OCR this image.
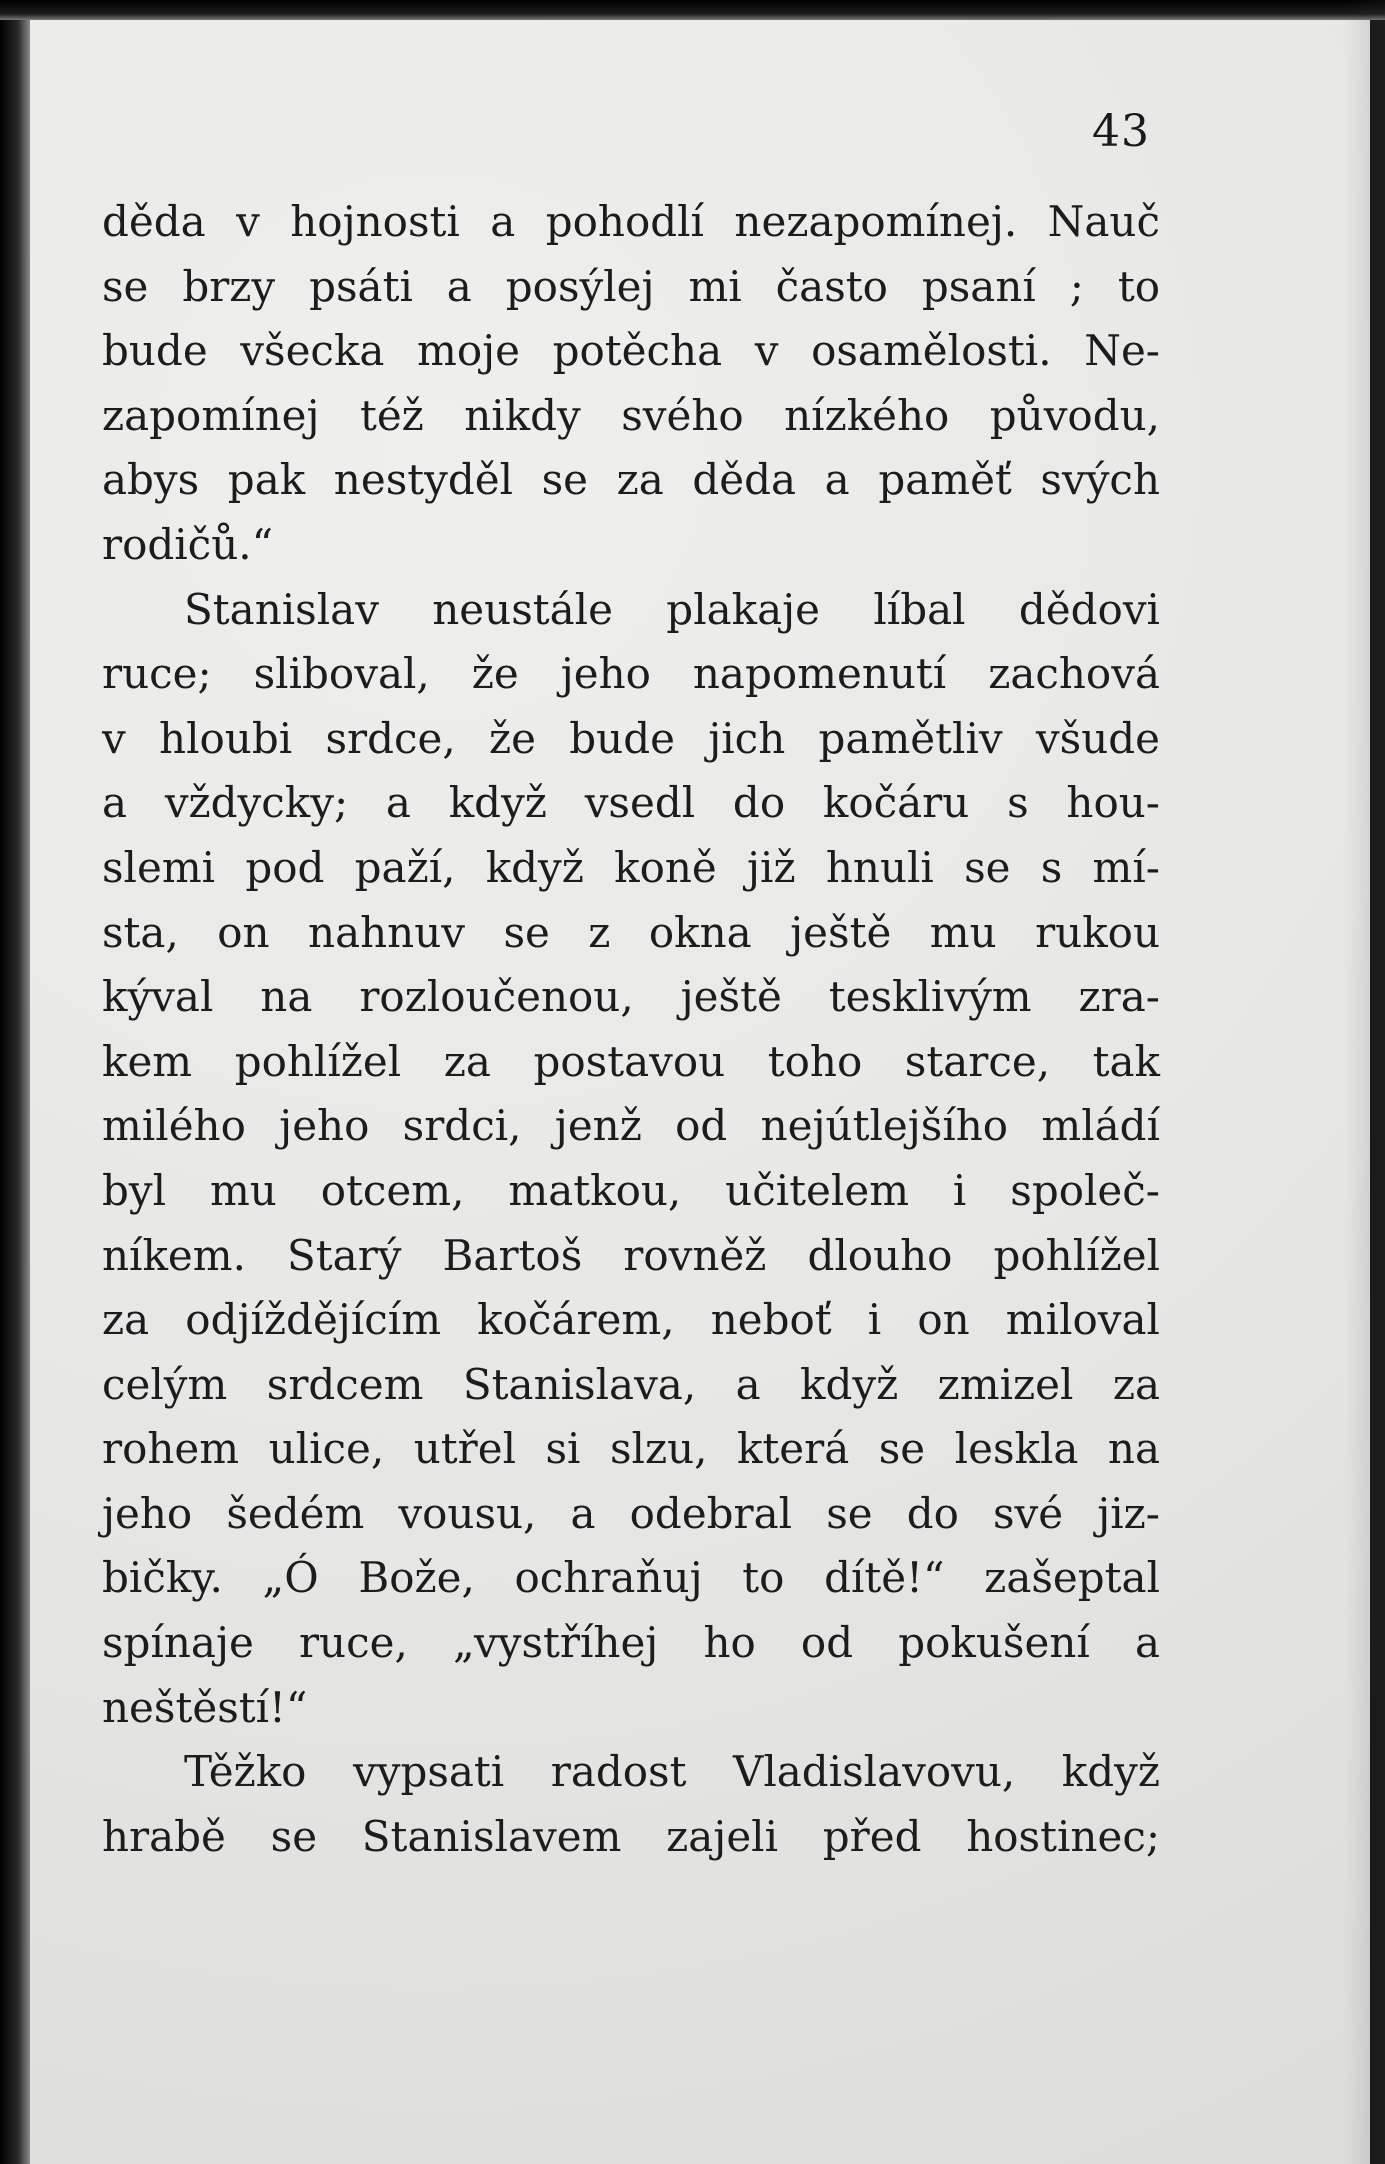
43
děda v hojnosti a pohodlí nezapomínej. Nauč
se brzy psáti a posýlej mi často psaní ; to
bude všecka moje potěcha v osamělosti. Ne-
zapomínej též nikdy svého nízkého původu,
abys pak nestyděl se za děda a paměť svých
rodičů.“
Stanislav neustále plakaje líbal dědovi
ruce; sliboval, že jeho napomenutí zachová
v hloubi srdce, že bude jich pamětliv všude
a vždycky; a když vsedl do kočáru s hou-
slemi pod paží, když koně již hnuli se s mí-
sta, on nahnuv se z okna ještě mu rukou
kýval na rozloučenou, ještě tesklivým zra-
kem pohlížel za postavou toho starce, tak
milého jeho srdci, jenž od nejútlejšího mládí
byl mu otcem, matkou, učitelem i společ-
níkem. Starý Bartoš rovněž dlouho pohlížel
za odjíždějícím kočárem, neboť i on miloval
celým srdcem Stanislava, a když zmizel za
rohem ulice, utřel si slzu, která se leskla na
jeho šedém vousu, a odebral se do své jiz-
bičky. „Ó Bože, ochraňuj to dítě!“ zašeptal
spínaje ruce, „vystříhej ho od pokušení a
neštěstí!“
Těžko vypsati radost Vladislavovu, když
hrabě se Stanislavem zajeli před hostinec;
